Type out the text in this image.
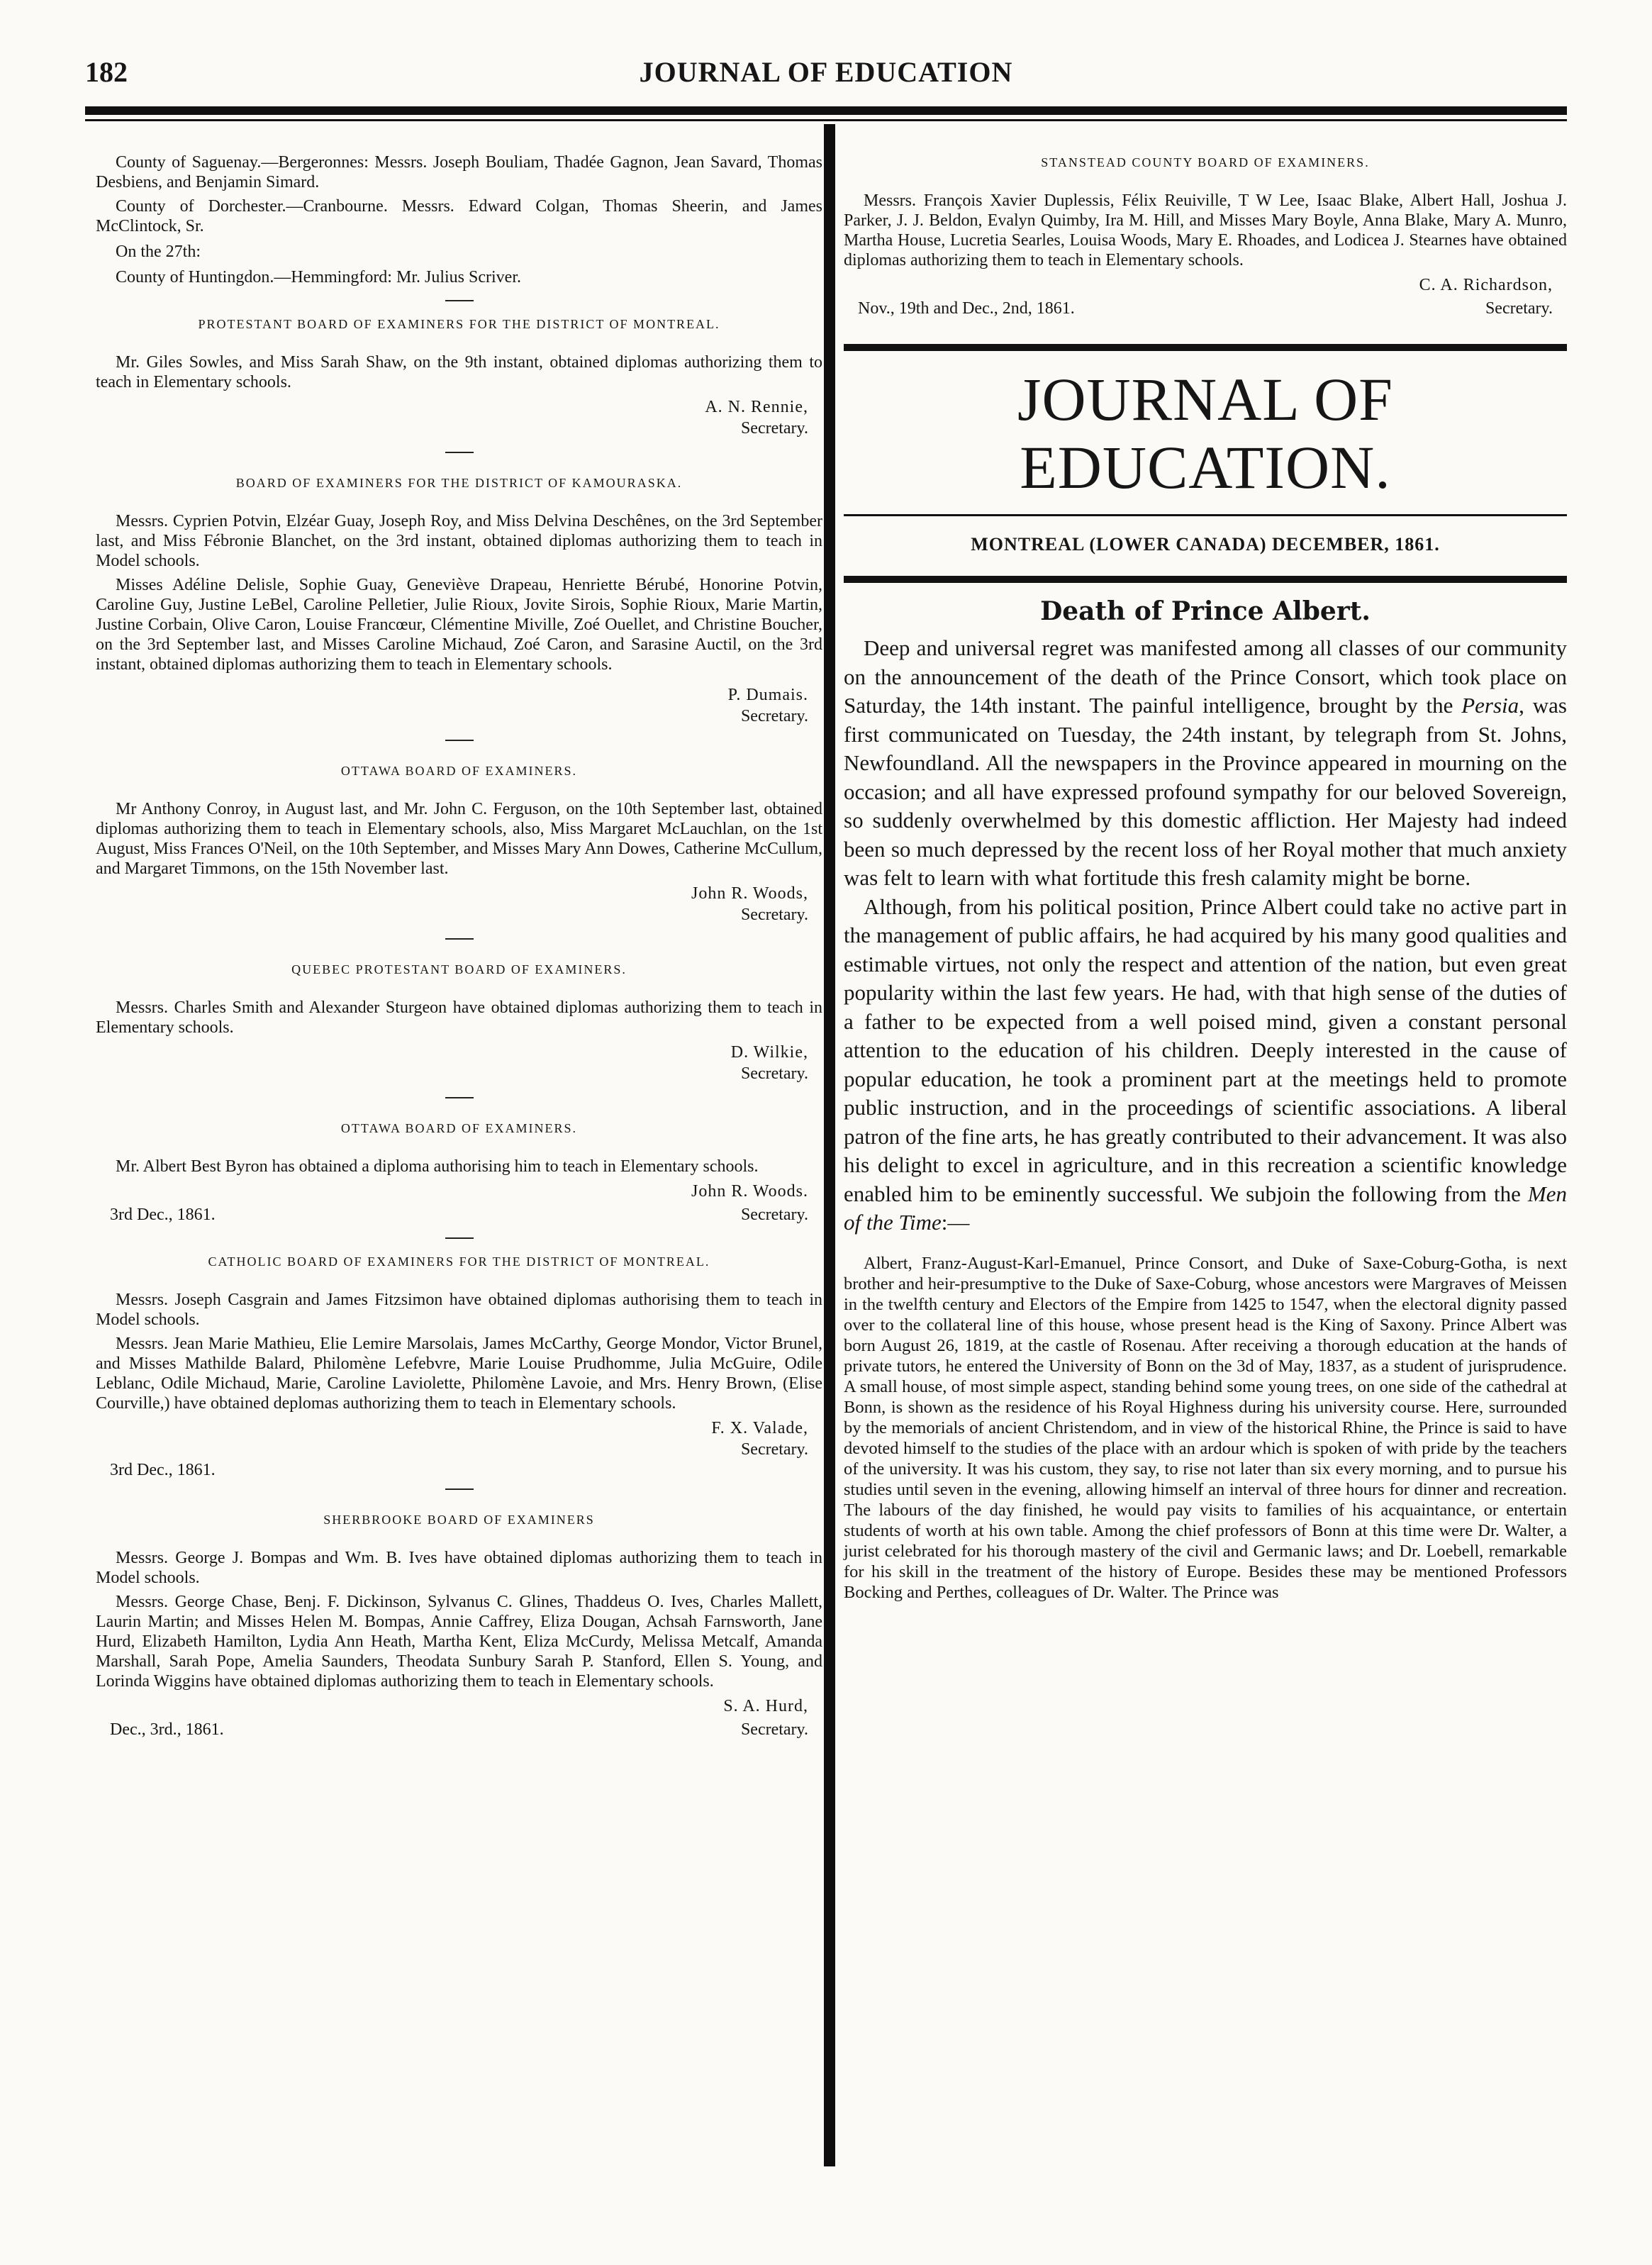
182	JOURNAL OF EDUCATION

County of Saguenay.—Bergeronnes: Messrs. Joseph Bouliam, Thadée Gagnon, Jean Savard, Thomas Desbiens, and Benjamin Simard.

County of Dorchester.—Cranbourne. Messrs. Edward Colgan, Thomas Sheerin, and James McClintock, Sr.

On the 27th:

County of Huntingdon.—Hemmingford: Mr. Julius Scriver.

PROTESTANT BOARD OF EXAMINERS FOR THE DISTRICT OF MONTREAL.

Mr. Giles Sowles, and Miss Sarah Shaw, on the 9th instant, obtained diplomas authorizing them to teach in Elementary schools.

A. N. Rennie,
Secretary.
BOARD OF EXAMINERS FOR THE DISTRICT OF KAMOURASKA.

Messrs. Cyprien Potvin, Elzéar Guay, Joseph Roy, and Miss Delvina Deschênes, on the 3rd September last, and Miss Fébronie Blanchet, on the 3rd instant, obtained diplomas authorizing them to teach in Model schools.

Misses Adéline Delisle, Sophie Guay, Geneviève Drapeau, Henriette Bérubé, Honorine Potvin, Caroline Guy, Justine LeBel, Caroline Pelletier, Julie Rioux, Jovite Sirois, Sophie Rioux, Marie Martin, Justine Corbain, Olive Caron, Louise Francœur, Clémentine Miville, Zoé Ouellet, and Christine Boucher, on the 3rd September last, and Misses Caroline Michaud, Zoé Caron, and Sarasine Auctil, on the 3rd instant, obtained diplomas authorizing them to teach in Elementary schools.

P. Dumais.
Secretary.
OTTAWA BOARD OF EXAMINERS.

Mr Anthony Conroy, in August last, and Mr. John C. Ferguson, on the 10th September last, obtained diplomas authorizing them to teach in Elementary schools, also, Miss Margaret McLauchlan, on the 1st August, Miss Frances O'Neil, on the 10th September, and Misses Mary Ann Dowes, Catherine McCullum, and Margaret Timmons, on the 15th November last.

John R. Woods,
Secretary.
QUEBEC PROTESTANT BOARD OF EXAMINERS.

Messrs. Charles Smith and Alexander Sturgeon have obtained diplomas authorizing them to teach in Elementary schools.

D. Wilkie,
Secretary.
OTTAWA BOARD OF EXAMINERS.

Mr. Albert Best Byron has obtained a diploma authorising him to teach in Elementary schools.

John R. Woods.
3rd Dec., 1861.	Secretary.
CATHOLIC BOARD OF EXAMINERS FOR THE DISTRICT OF MONTREAL.

Messrs. Joseph Casgrain and James Fitzsimon have obtained diplomas authorising them to teach in Model schools.

Messrs. Jean Marie Mathieu, Elie Lemire Marsolais, James McCarthy, George Mondor, Victor Brunel, and Misses Mathilde Balard, Philomène Lefebvre, Marie Louise Prudhomme, Julia McGuire, Odile Leblanc, Odile Michaud, Marie, Caroline Laviolette, Philomène Lavoie, and Mrs. Henry Brown, (Elise Courville,) have obtained deplomas authorizing them to teach in Elementary schools.

F. X. Valade,
Secretary.
3rd Dec., 1861.
SHERBROOKE BOARD OF EXAMINERS

Messrs. George J. Bompas and Wm. B. Ives have obtained diplomas authorizing them to teach in Model schools.

Messrs. George Chase, Benj. F. Dickinson, Sylvanus C. Glines, Thaddeus O. Ives, Charles Mallett, Laurin Martin; and Misses Helen M. Bompas, Annie Caffrey, Eliza Dougan, Achsah Farnsworth, Jane Hurd, Elizabeth Hamilton, Lydia Ann Heath, Martha Kent, Eliza McCurdy, Melissa Metcalf, Amanda Marshall, Sarah Pope, Amelia Saunders, Theodata Sunbury Sarah P. Stanford, Ellen S. Young, and Lorinda Wiggins have obtained diplomas authorizing them to teach in Elementary schools.

S. A. Hurd,
Dec., 3rd., 1861.	Secretary.
STANSTEAD COUNTY BOARD OF EXAMINERS.

Messrs. François Xavier Duplessis, Félix Reuiville, T W Lee, Isaac Blake, Albert Hall, Joshua J. Parker, J. J. Beldon, Evalyn Quimby, Ira M. Hill, and Misses Mary Boyle, Anna Blake, Mary A. Munro, Martha House, Lucretia Searles, Louisa Woods, Mary E. Rhoades, and Lodicea J. Stearnes have obtained diplomas authorizing them to teach in Elementary schools.

C. A. Richardson,
Nov., 19th and Dec., 2nd, 1861.	Secretary.
JOURNAL OF EDUCATION.
MONTREAL (LOWER CANADA) DECEMBER, 1861.
Death of Prince Albert.

Deep and universal regret was manifested among all classes of our community on the announcement of the death of the Prince Consort, which took place on Saturday, the 14th instant. The painful intelligence, brought by the Persia, was first communicated on Tuesday, the 24th instant, by telegraph from St. Johns, Newfoundland. All the newspapers in the Province appeared in mourning on the occasion; and all have expressed profound sympathy for our beloved Sovereign, so suddenly overwhelmed by this domestic affliction. Her Majesty had indeed been so much depressed by the recent loss of her Royal mother that much anxiety was felt to learn with what fortitude this fresh calamity might be borne.

Although, from his political position, Prince Albert could take no active part in the management of public affairs, he had acquired by his many good qualities and estimable virtues, not only the respect and attention of the nation, but even great popularity within the last few years. He had, with that high sense of the duties of a father to be expected from a well poised mind, given a constant personal attention to the education of his children. Deeply interested in the cause of popular education, he took a prominent part at the meetings held to promote public instruction, and in the proceedings of scientific associations. A liberal patron of the fine arts, he has greatly contributed to their advancement. It was also his delight to excel in agriculture, and in this recreation a scientific knowledge enabled him to be eminently successful. We subjoin the following from the Men of the Time:—

Albert, Franz-August-Karl-Emanuel, Prince Consort, and Duke of Saxe-Coburg-Gotha, is next brother and heir-presumptive to the Duke of Saxe-Coburg, whose ancestors were Margraves of Meissen in the twelfth century and Electors of the Empire from 1425 to 1547, when the electoral dignity passed over to the collateral line of this house, whose present head is the King of Saxony. Prince Albert was born August 26, 1819, at the castle of Rosenau. After receiving a thorough education at the hands of private tutors, he entered the University of Bonn on the 3d of May, 1837, as a student of jurisprudence. A small house, of most simple aspect, standing behind some young trees, on one side of the cathedral at Bonn, is shown as the residence of his Royal Highness during his university course. Here, surrounded by the memorials of ancient Christendom, and in view of the historical Rhine, the Prince is said to have devoted himself to the studies of the place with an ardour which is spoken of with pride by the teachers of the university. It was his custom, they say, to rise not later than six every morning, and to pursue his studies until seven in the evening, allowing himself an interval of three hours for dinner and recreation. The labours of the day finished, he would pay visits to families of his acquaintance, or entertain students of worth at his own table. Among the chief professors of Bonn at this time were Dr. Walter, a jurist celebrated for his thorough mastery of the civil and Germanic laws; and Dr. Loebell, remarkable for his skill in the treatment of the history of Europe. Besides these may be mentioned Professors Bocking and Perthes, colleagues of Dr. Walter. The Prince was
